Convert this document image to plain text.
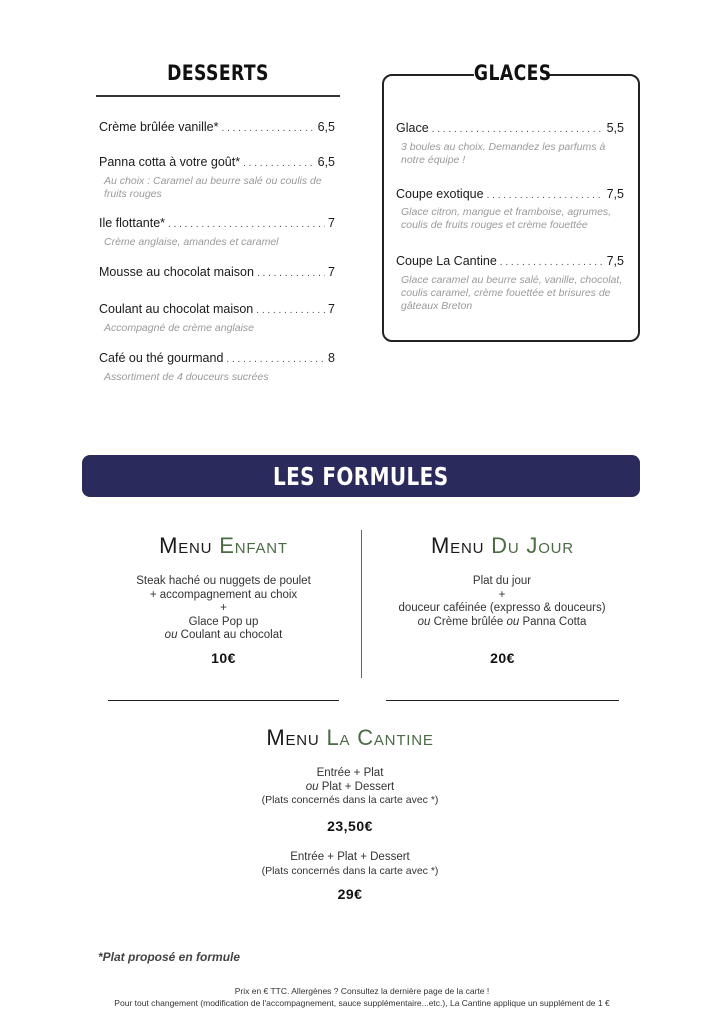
DESSERTS
Crème brûlée vanille* . . .	6,5
Panna cotta à votre goût* . . .	6,5
Au choix : Caramel au beurre salé ou coulis de
fruits rouges
Ile flottante* . . .	7
Crème anglaise, amandes et caramel
Mousse au chocolat maison . . .	7
Coulant au chocolat maison . . .	7
Accompagné de crème anglaise
Café ou thé gourmand . . .	8
Assortiment de 4 douceurs sucrées
GLACES
Glace . . .	5,5
3 boules au choix. Demandez les parfums à
notre équipe !
Coupe exotique . . .	7,5
Glace citron, mangue et framboise, agrumes,
coulis de fruits rouges et crème fouettée
Coupe La Cantine . . .	7,5
Glace caramel au beurre salé, vanille, chocolat,
coulis caramel, crème fouettée et brisures de
gâteaux Breton
LES FORMULES
Menu Enfant
Steak haché ou nuggets de poulet
+ accompagnement au choix
+
Glace Pop up
ou Coulant au chocolat
10€
Menu Du Jour
Plat du jour
+
douceur caféinée (expresso & douceurs)
ou Crème brûlée ou Panna Cotta
20€
Menu La Cantine
Entrée + Plat
ou Plat + Dessert
(Plats concernés dans la carte avec *)
23,50€
Entrée + Plat + Dessert
(Plats concernés dans la carte avec *)
29€
*Plat proposé en formule
Prix en € TTC. Allergènes ? Consultez la dernière page de la carte !
Pour tout changement (modification de l'accompagnement, sauce supplémentaire...etc.), La Cantine applique un supplément de 1 €
